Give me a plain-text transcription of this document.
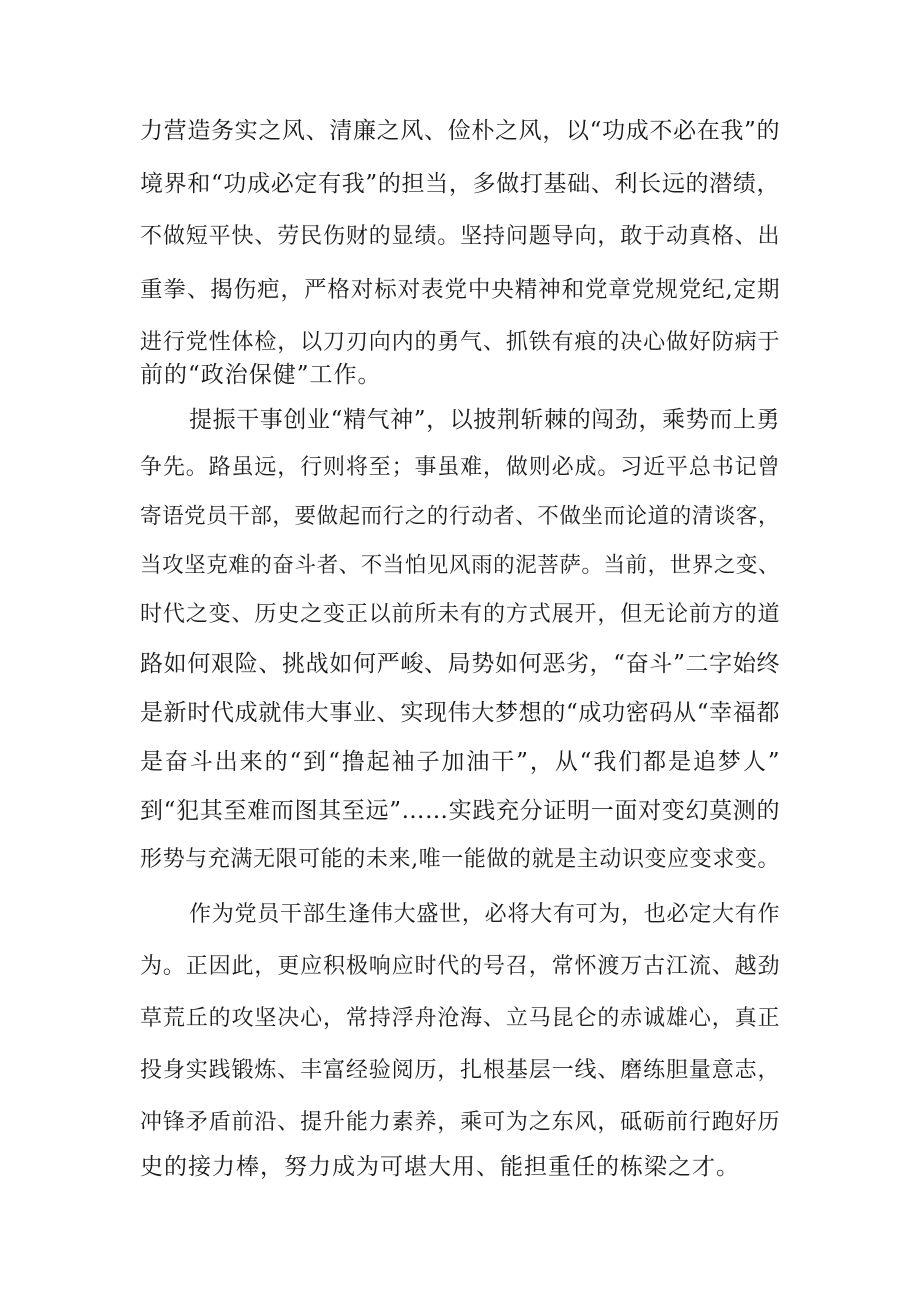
力营造务实之风、清廉之风、俭朴之风，以“功成不必在我”的
境界和“功成必定有我”的担当，多做打基础、利长远的潜绩，
不做短平快、劳民伤财的显绩。坚持问题导向，敢于动真格、出
重拳、揭伤疤，严格对标对表党中央精神和党章党规党纪,定期
进行党性体检，以刀刃向内的勇气、抓铁有痕的决心做好防病于
前的“政治保健”工作。
提振干事创业“精气神”，以披荆斩棘的闯劲，乘势而上勇
争先。路虽远，行则将至；事虽难，做则必成。习近平总书记曾
寄语党员干部，要做起而行之的行动者、不做坐而论道的清谈客，
当攻坚克难的奋斗者、不当怕见风雨的泥菩萨。当前，世界之变、
时代之变、历史之变正以前所未有的方式展开，但无论前方的道
路如何艰险、挑战如何严峻、局势如何恶劣，“奋斗”二字始终
是新时代成就伟大事业、实现伟大梦想的“成功密码从“幸福都
是奋斗出来的“到“撸起袖子加油干”，从“我们都是追梦人”
到“犯其至难而图其至远”……实践充分证明一面对变幻莫测的
形势与充满无限可能的未来,唯一能做的就是主动识变应变求变。
作为党员干部生逢伟大盛世，必将大有可为，也必定大有作
为。正因此，更应积极响应时代的号召，常怀渡万古江流、越劲
草荒丘的攻坚决心，常持浮舟沧海、立马昆仑的赤诚雄心，真正
投身实践锻炼、丰富经验阅历，扎根基层一线、磨练胆量意志，
冲锋矛盾前沿、提升能力素养，乘可为之东风，砥砺前行跑好历
史的接力棒，努力成为可堪大用、能担重任的栋梁之才。
